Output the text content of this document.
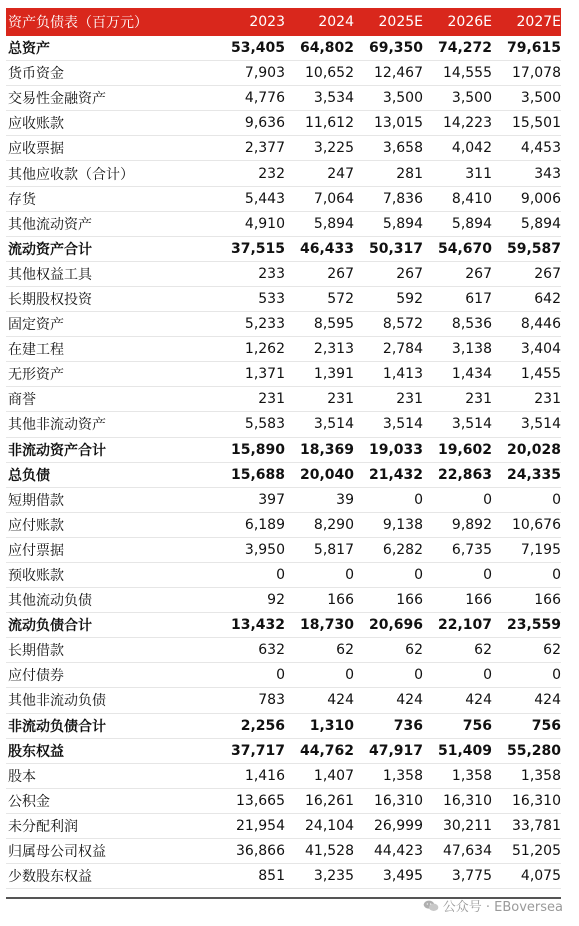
资产负债表（百万元）	2023	2024	2025E	2026E	2027E
总资产	53,405	64,802	69,350	74,272	79,615
货币资金	7,903	10,652	12,467	14,555	17,078
交易性金融资产	4,776	3,534	3,500	3,500	3,500
应收账款	9,636	11,612	13,015	14,223	15,501
应收票据	2,377	3,225	3,658	4,042	4,453
其他应收款（合计）	232	247	281	311	343
存货	5,443	7,064	7,836	8,410	9,006
其他流动资产	4,910	5,894	5,894	5,894	5,894
流动资产合计	37,515	46,433	50,317	54,670	59,587
其他权益工具	233	267	267	267	267
长期股权投资	533	572	592	617	642
固定资产	5,233	8,595	8,572	8,536	8,446
在建工程	1,262	2,313	2,784	3,138	3,404
无形资产	1,371	1,391	1,413	1,434	1,455
商誉	231	231	231	231	231
其他非流动资产	5,583	3,514	3,514	3,514	3,514
非流动资产合计	15,890	18,369	19,033	19,602	20,028
总负债	15,688	20,040	21,432	22,863	24,335
短期借款	397	39	0	0	0
应付账款	6,189	8,290	9,138	9,892	10,676
应付票据	3,950	5,817	6,282	6,735	7,195
预收账款	0	0	0	0	0
其他流动负债	92	166	166	166	166
流动负债合计	13,432	18,730	20,696	22,107	23,559
长期借款	632	62	62	62	62
应付债券	0	0	0	0	0
其他非流动负债	783	424	424	424	424
非流动负债合计	2,256	1,310	736	756	756
股东权益	37,717	44,762	47,917	51,409	55,280
股本	1,416	1,407	1,358	1,358	1,358
公积金	13,665	16,261	16,310	16,310	16,310
未分配利润	21,954	24,104	26,999	30,211	33,781
归属母公司权益	36,866	41,528	44,423	47,634	51,205
少数股东权益	851	3,235	3,495	3,775	4,075
公众号 · EBoversea
